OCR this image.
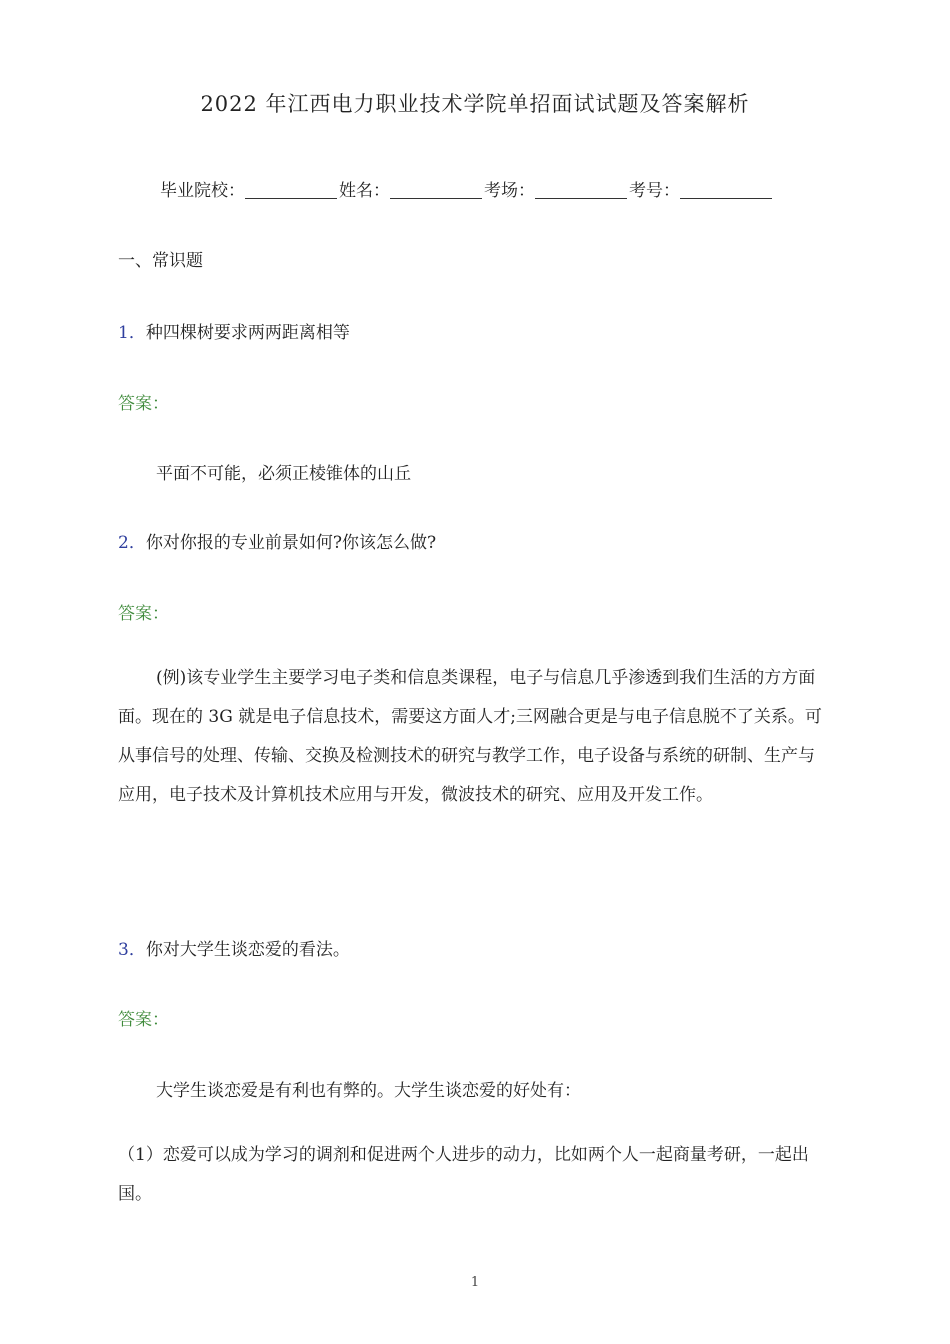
2022 年江西电力职业技术学院单招面试试题及答案解析
毕业院校：	姓名：	考场：	考号：
一、常识题
1．种四棵树要求两两距离相等
答案：
平面不可能，必须正棱锥体的山丘
2．你对你报的专业前景如何?你该怎么做?
答案：
(例)该专业学生主要学习电子类和信息类课程，电子与信息几乎渗透到我们生活的方方面面。现在的 3G 就是电子信息技术，需要这方面人才;三网融合更是与电子信息脱不了关系。可从事信号的处理、传输、交换及检测技术的研究与教学工作，电子设备与系统的研制、生产与应用，电子技术及计算机技术应用与开发，微波技术的研究、应用及开发工作。
3．你对大学生谈恋爱的看法。
答案：
大学生谈恋爱是有利也有弊的。大学生谈恋爱的好处有：
（1）恋爱可以成为学习的调剂和促进两个人进步的动力，比如两个人一起商量考研，一起出国。
1
